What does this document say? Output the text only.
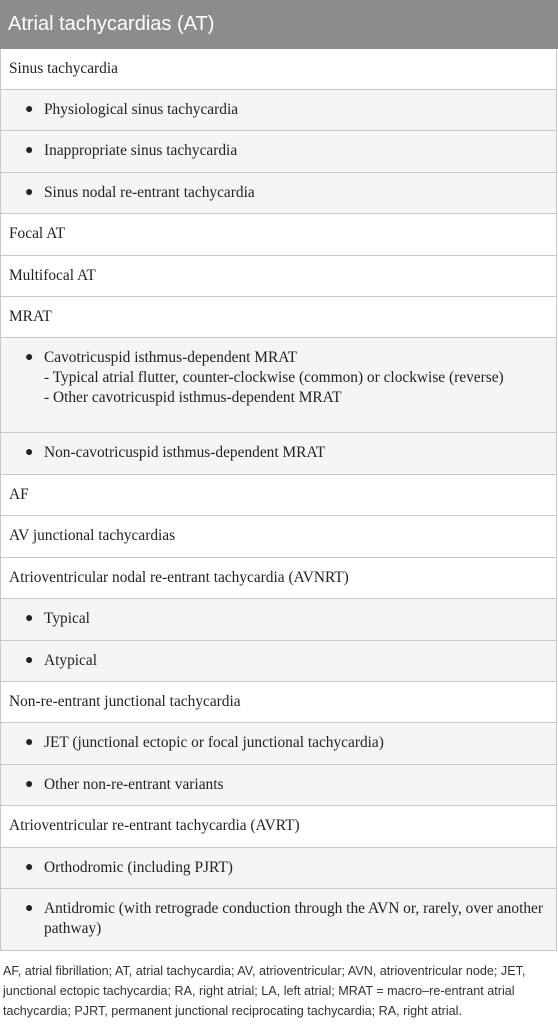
Atrial tachycardias (AT)
Sinus tachycardia

● Physiological sinus tachycardia

● Inappropriate sinus tachycardia

● Sinus nodal re-entrant tachycardia

Focal AT

Multifocal AT

MRAT

● Cavotricuspid isthmus-dependent MRAT
- Typical atrial flutter, counter-clockwise (common) or clockwise (reverse)
- Other cavotricuspid isthmus-dependent MRAT

● Non-cavotricuspid isthmus-dependent MRAT

AF

AV junctional tachycardias

Atrioventricular nodal re-entrant tachycardia (AVNRT)

● Typical

● Atypical

Non-re-entrant junctional tachycardia

● JET (junctional ectopic or focal junctional tachycardia)

● Other non-re-entrant variants

Atrioventricular re-entrant tachycardia (AVRT)

● Orthodromic (including PJRT)

● Antidromic (with retrograde conduction through the AVN or, rarely, over another pathway)
AF, atrial fibrillation; AT, atrial tachycardia; AV, atrioventricular; AVN, atrioventricular node; JET, junctional ectopic tachycardia; RA, right atrial; LA, left atrial; MRAT = macro–re-entrant atrial tachycardia; PJRT, permanent junctional reciprocating tachycardia; RA, right atrial.
